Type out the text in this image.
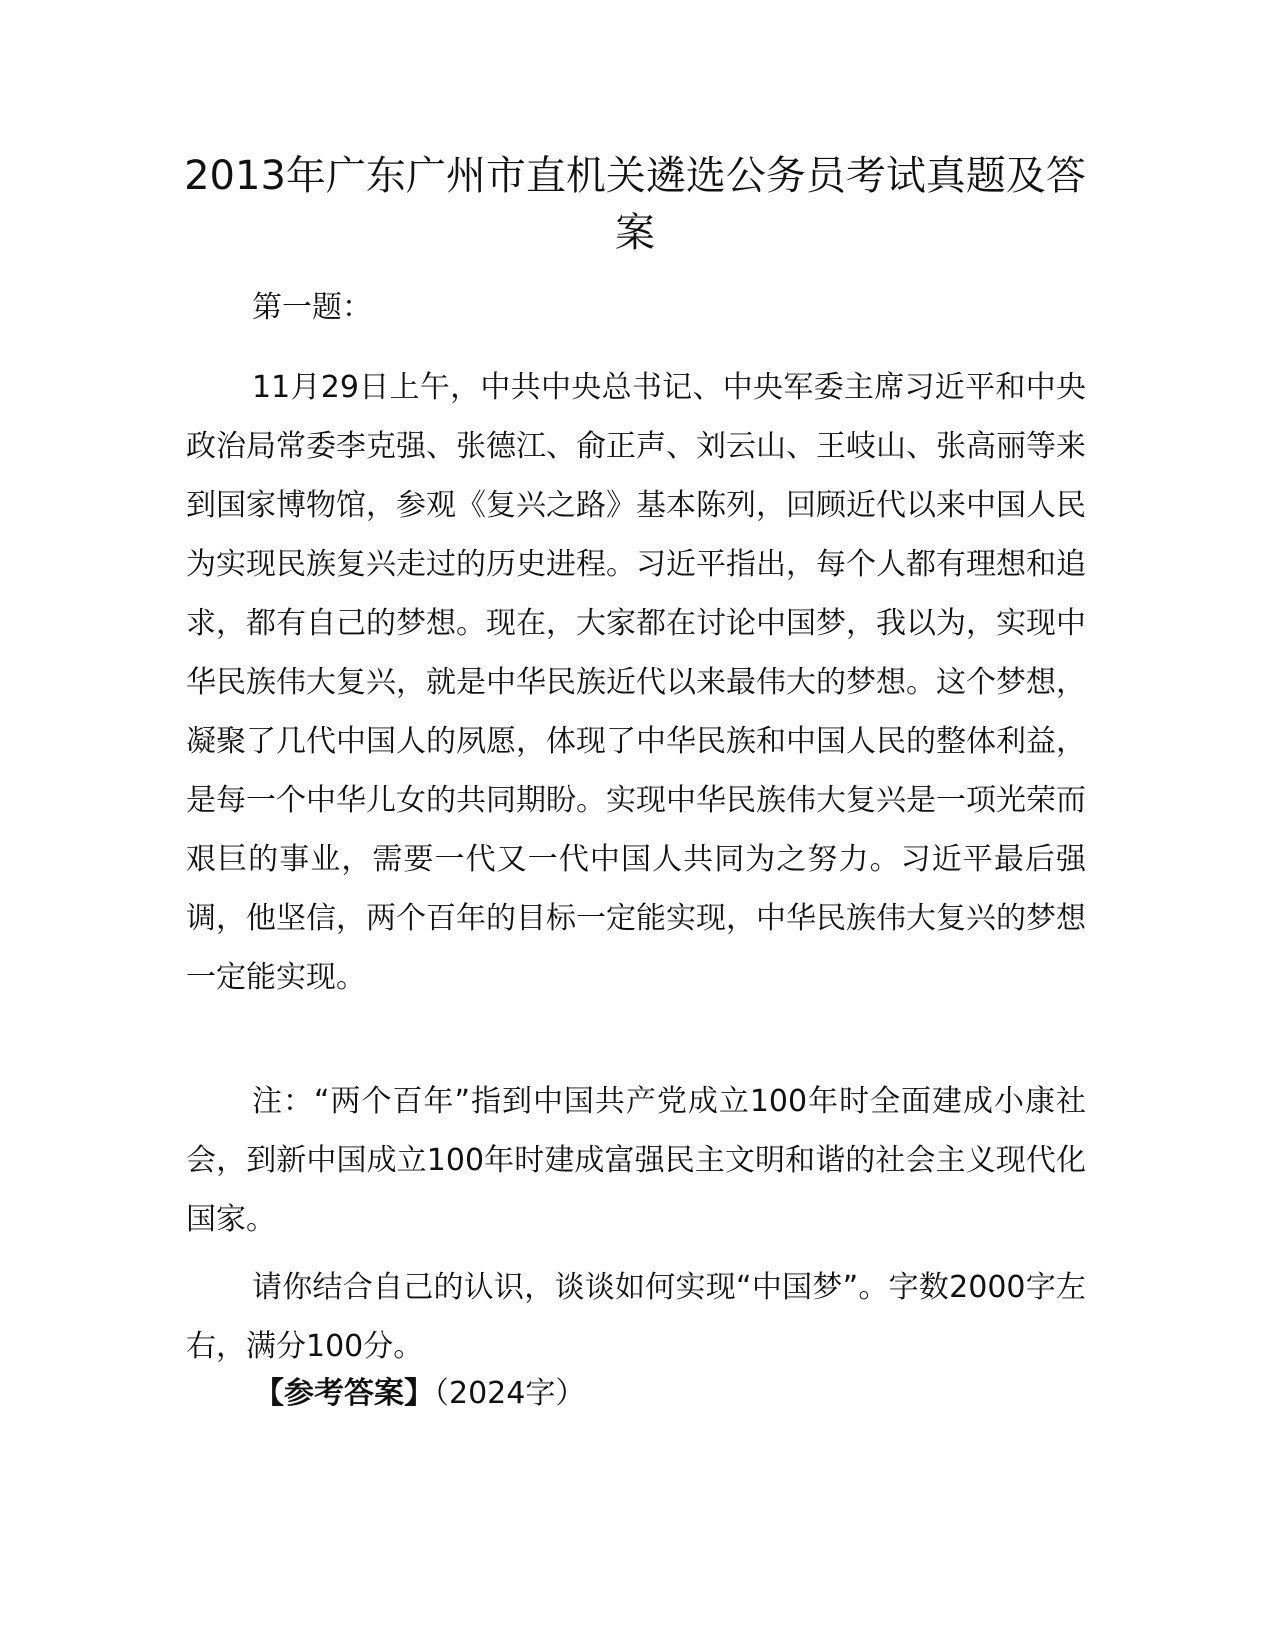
2013年广东广州市直机关遴选公务员考试真题及答案

第一题：

11月29日上午，中共中央总书记、中央军委主席习近平和中央政治局常委李克强、张德江、俞正声、刘云山、王岐山、张高丽等来到国家博物馆，参观《复兴之路》基本陈列，回顾近代以来中国人民为实现民族复兴走过的历史进程。习近平指出，每个人都有理想和追求，都有自己的梦想。现在，大家都在讨论中国梦，我以为，实现中华民族伟大复兴，就是中华民族近代以来最伟大的梦想。这个梦想，凝聚了几代中国人的夙愿，体现了中华民族和中国人民的整体利益，是每一个中华儿女的共同期盼。实现中华民族伟大复兴是一项光荣而艰巨的事业，需要一代又一代中国人共同为之努力。习近平最后强调，他坚信，两个百年的目标一定能实现，中华民族伟大复兴的梦想一定能实现。

注：“两个百年”指到中国共产党成立100年时全面建成小康社会，到新中国成立100年时建成富强民主文明和谐的社会主义现代化国家。

请你结合自己的认识，谈谈如何实现“中国梦”。字数2000字左右，满分100分。

【参考答案】（2024字）
